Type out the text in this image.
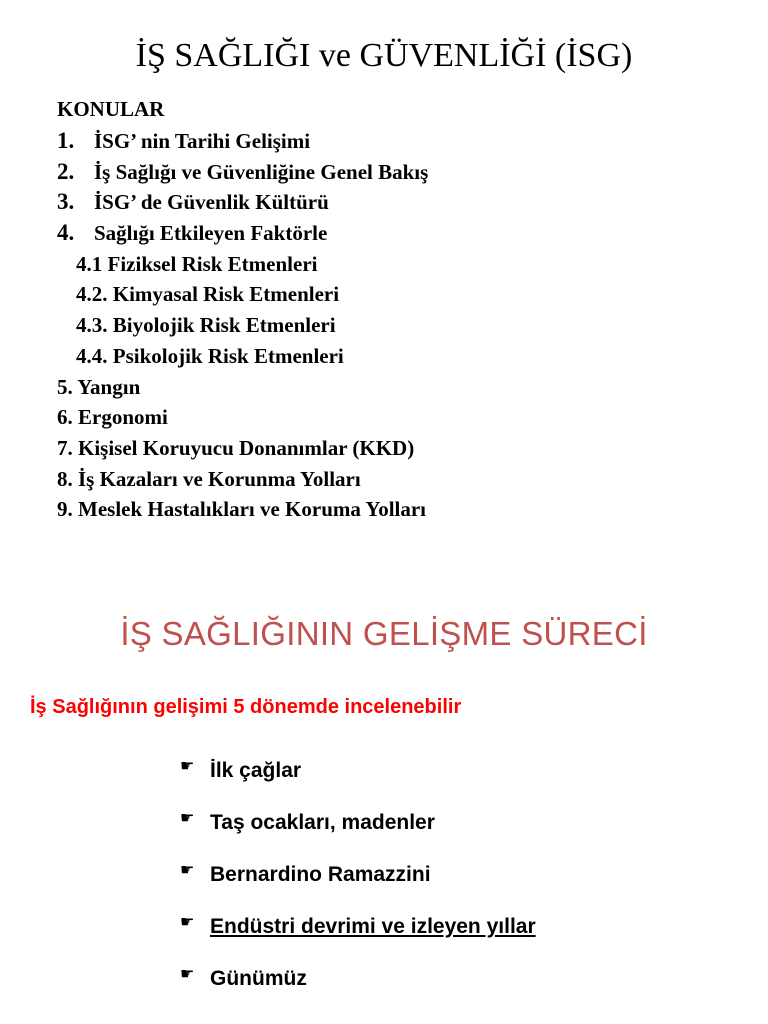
İŞ SAĞLIĞI ve GÜVENLİĞİ (İSG)
KONULAR
1. İSG’ nin Tarihi Gelişimi
2. İş Sağlığı ve Güvenliğine Genel Bakış
3. İSG’ de Güvenlik Kültürü
4. Sağlığı Etkileyen Faktörle
4.1 Fiziksel Risk Etmenleri
4.2. Kimyasal Risk Etmenleri
4.3. Biyolojik Risk Etmenleri
4.4. Psikolojik Risk Etmenleri
5. Yangın
6. Ergonomi
7. Kişisel Koruyucu Donanımlar (KKD)
8. İş Kazaları ve Korunma Yolları
9. Meslek Hastalıkları ve Koruma Yolları
İŞ SAĞLIĞININ GELİŞME SÜRECİ
İş Sağlığının gelişimi 5 dönemde incelenebilir
☛ İlk çağlar
☛ Taş ocakları, madenler
☛ Bernardino Ramazzini
☛ Endüstri devrimi ve izleyen yıllar
☛ Günümüz
